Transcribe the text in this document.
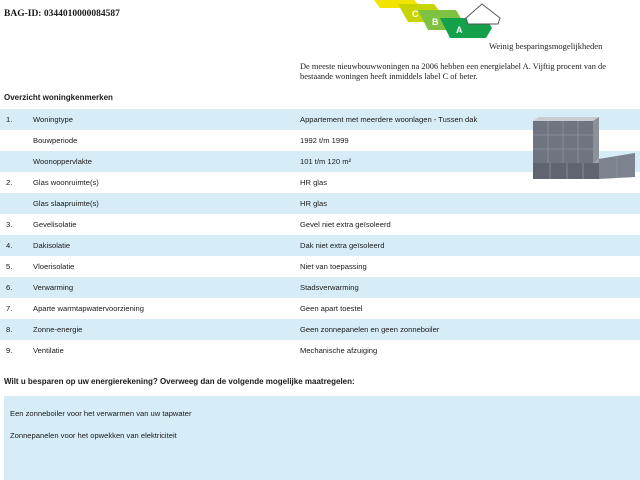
BAG-ID: 0344010000084587	C
B
A
Weinig besparingsmogelijkheden
De meeste nieuwbouwwoningen na 2006 hebben een energielabel A. Vijftig procent van de bestaande woningen heeft inmiddels label C of beter.
Overzicht woningkenmerken
1.	Woningtype	Appartement met meerdere woonlagen - Tussen dak
Bouwperiode	1992 t/m 1999
Woonoppervlakte	101 t/m 120 m²
2.	Glas woonruimte(s)	HR glas
Glas slaapruimte(s)	HR glas
3.	Gevelisolatie	Gevel niet extra geïsoleerd
4.	Dakisolatie	Dak niet extra geïsoleerd
5.	Vloerisolatie	Niet van toepassing
6.	Verwarming	Stadsverwarming
7.	Aparte warmtapwatervoorziening	Geen apart toestel
8.	Zonne-energie	Geen zonnepanelen en geen zonneboiler
9.	Ventilatie	Mechanische afzuiging
Wilt u besparen op uw energierekening? Overweeg dan de volgende mogelijke maatregelen:
Een zonneboiler voor het verwarmen van uw tapwater
Zonnepanelen voor het opwekken van elektriciteit
